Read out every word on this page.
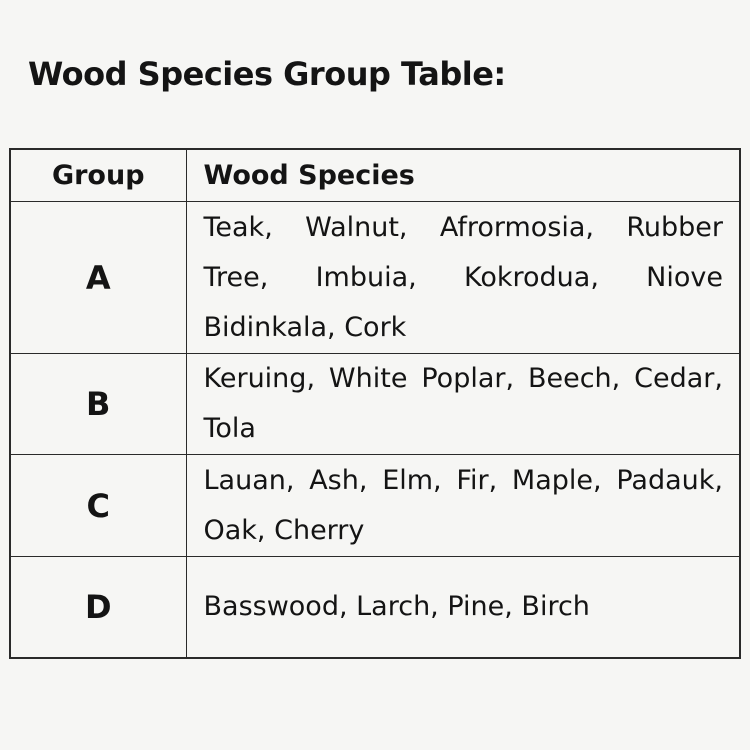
Wood Species Group Table:
Group	Wood Species
A	Teak, Walnut, Afrormosia, Rubber Tree, Imbuia, Kokrodua, Niove Bidinkala, Cork
B	Keruing, White Poplar, Beech, Cedar, Tola
C	Lauan, Ash, Elm, Fir, Maple, Padauk, Oak, Cherry
D	Basswood, Larch, Pine, Birch
